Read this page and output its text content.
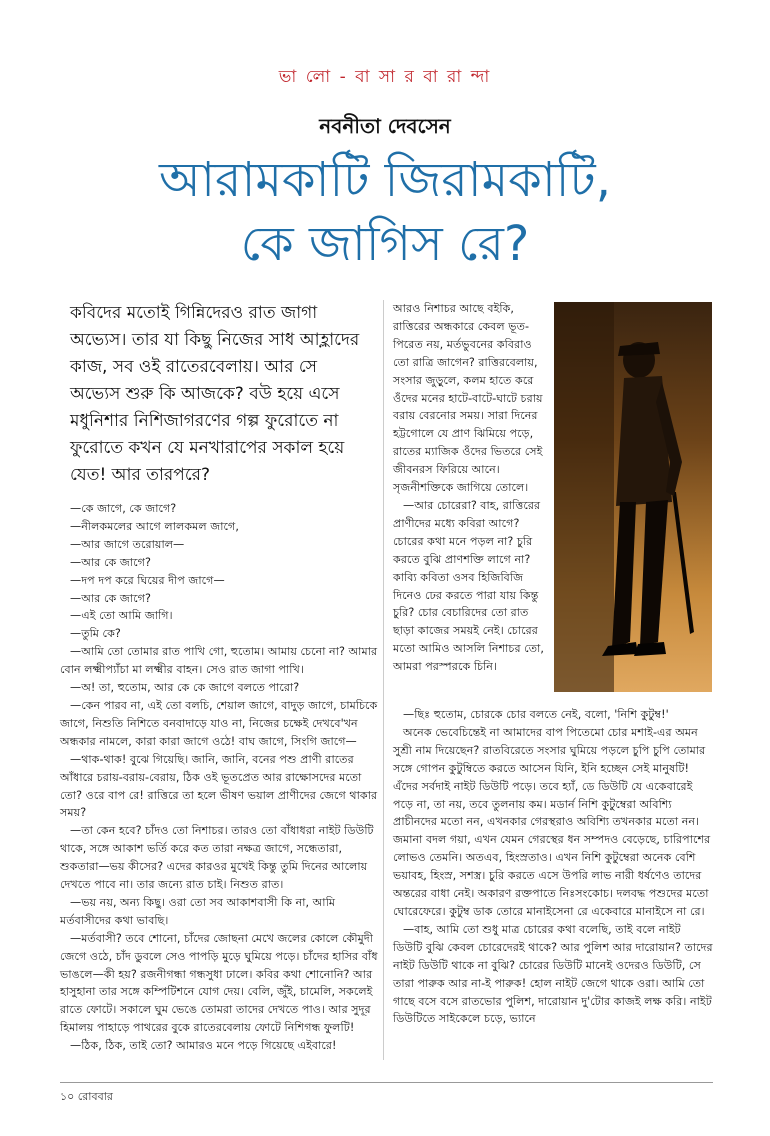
ভা লো - বা সা র বা রা ন্দা
নবনীতা দেবসেন
আরামকাটি জিরামকাটি,
কে জাগিস রে?
কবিদের মতোই গিন্নিদেরও রাত জাগা অভ্যেস। তার যা কিছু নিজের সাধ আহ্লাদের কাজ, সব ওই রাতেরবেলায়। আর সে অভ্যেস শুরু কি আজকে? বউ হয়ে এসে মধুনিশার নিশিজাগরণের গল্প ফুরোতে না ফুরোতে কখন যে মনখারাপের সকাল হয়ে যেত! আর তারপরে?

—কে জাগে, কে জাগে?

—নীলকমলের আগে লালকমল জাগে,

—আর জাগে তরোয়াল—

—আর কে জাগে?

—দপ দপ করে ঘিয়ের দীপ জাগে—

—আর কে জাগে?

—এই তো আমি জাগি।

—তুমি কে?

—আমি তো তোমার রাত পাখি গো, হুতোম। আমায় চেনো না? আমার বোন লক্ষ্মীপ্যাঁচা মা লক্ষ্মীর বাহন। সেও রাত জাগা পাখি।

—অ! তা, হুতোম, আর কে কে জাগে বলতে পারো?

—কেন পারব না, এই তো বলচি, শেয়াল জাগে, বাদুড় জাগে, চামচিকে জাগে, নিশুতি নিশিতে বনবাদাড়ে যাও না, নিজের চক্ষেই দেখবে'খন অন্ধকার নামলে, কারা কারা জাগে ওঠে! বাঘ জাগে, সিংগি জাগে—

—থাক-থাক! বুঝে গিয়েছি। জানি, জানি, বনের পশু প্রাণী রাতের আঁধারে চরায়-বরায়-বেরায়, ঠিক ওই ভূতপ্রেত আর রাক্ষোসদের মতো তো? ওরে বাপ রে! রাত্তিরে তা হলে ভীষণ ভয়াল প্রাণীদের জেগে থাকার সময়?

—তা কেন হবে? চাঁদও তো নিশাচর। তারও তো বাঁধাধরা নাইট ডিউটি থাকে, সঙ্গে আকাশ ভর্তি করে কত তারা নক্ষত্র জাগে, সন্ধেতারা, শুকতারা—ভয় কীসের? এদের কারওর মুখেই কিন্তু তুমি দিনের আলোয় দেখতে পাবে না। তার জন্যে রাত চাই। নিশুত রাত।

—ভয় নয়, অন্য কিছু। ওরা তো সব আকাশবাসী কি না, আমি মর্তবাসীদের কথা ভাবছি।

—মর্তবাসী? তবে শোনো, চাঁদের জোছনা মেখে জলের কোলে কৌমুদী জেগে ওঠে, চাঁদ ডুবলে সেও পাপড়ি মুড়ে ঘুমিয়ে পড়ে। চাঁদের হাসির বাঁধ ভাঙলে—কী হয়? রজনীগন্ধা গন্ধসুধা ঢালে। কবির কথা শোনোনি? আর হাসুহানা তার সঙ্গে কম্পিটিশনে যোগ দেয়। বেলি, জুঁই, চামেলি, সকলেই রাতে ফোটে। সকালে ঘুম ভেঙে তোমরা তাদের দেখতে পাও। আর সুদূর হিমালয় পাহাড়ে পাথরের বুকে রাতেরবেলায় ফোটে নিশিগন্ধ ফুলটি!

—ঠিক, ঠিক, তাই তো? আমারও মনে পড়ে গিয়েছে এইবারে!

আরও নিশাচর আছে বইকি, রাত্তিরের অন্ধকারে কেবল ভূত-পিরেত নয়, মর্তভুবনের কবিরাও তো রাত্রি জাগেন? রাত্তিরবেলায়, সংসার জুড়ুলে, কলম হাতে করে ওঁদের মনের হাটে-বাটে-ঘাটে চরায় বরায় বেরনোর সময়। সারা দিনের হট্টগোলে যে প্রাণ ঝিমিয়ে পড়ে, রাতের ম্যাজিক ওঁদের ভিতরে সেই জীবনরস ফিরিয়ে আনে। সৃজনীশক্তিকে জাগিয়ে তোলে।

—আর চোরেরা? বাহ, রাত্তিরের প্রাণীদের মধ্যে কবিরা আগে? চোরের কথা মনে পড়ল না? চুরি করতে বুঝি প্রাণশক্তি লাগে না? কাব্যি কবিতা ওসব হিজিবিজি দিনেও ঢের করতে পারা যায় কিন্তু চুরি? চোর বেচারিদের তো রাত ছাড়া কাজের সময়ই নেই। চোরের মতো আমিও আসলি নিশাচর তো, আমরা পরস্পরকে চিনি।

—ছিঃ হুতোম, চোরকে চোর বলতে নেই, বলো, 'নিশি কুটুম্ব!'

অনেক ভেবেচিন্তেই না আমাদের বাপ পিতেমো চোর মশাই-এর অমন সুশ্রী নাম দিয়েছেন? রাতবিরেতে সংসার ঘুমিয়ে পড়লে চুপি চুপি তোমার সঙ্গে গোপন কুটুম্বিতে করতে আসেন যিনি, ইনি হচ্ছেন সেই মানুষটি! এঁদের সর্বদাই নাইট ডিউটি পড়ে। তবে হ্যাঁ, ডে ডিউটি যে একেবারেই পড়ে না, তা নয়, তবে তুলনায় কম। মডার্ন নিশি কুটুম্বেরা অবিশ্যি প্রাচীনদের মতো নন, এখনকার গেরস্থরাও অবিশ্যি তখনকার মতো নন। জমানা বদল গয়া, এখন যেমন গেরস্থের ধন সম্পদও বেড়েছে, চারিপাশের লোভও তেমনি। অতএব, হিংস্রতাও। এখন নিশি কুটুম্বেরা অনেক বেশি ভয়াবহ, হিংস্র, সশস্ত্র। চুরি করতে এসে উপরি লাভ নারী ধর্ষণেও তাদের অন্তরের বাধা নেই। অকারণ রক্তপাতে নিঃসংকোচ। দলবদ্ধ পশুদের মতো ঘোরেফেরে। কুটুম্ব ডাক তোরে মানাইসেনা রে একেবারে মানাইসে না রে।

—বাহ, আমি তো শুধু মাত্র চোরের কথা বলেছি, তাই বলে নাইট ডিউটি বুঝি কেবল চোরেদেরই থাকে? আর পুলিশ আর দারোয়ান? তাদের নাইট ডিউটি থাকে না বুঝি? চোরের ডিউটি মানেই ওদেরও ডিউটি, সে তারা পারুক আর না-ই পারুক! হোল নাইট জেগে থাকে ওরা। আমি তো গাছে বসে বসে রাতভোর পুলিশ, দারোয়ান দু'টোর কাজই লক্ষ করি। নাইট ডিউটিতে সাইকেলে চড়ে, ভ্যানে

১০ রোববার
